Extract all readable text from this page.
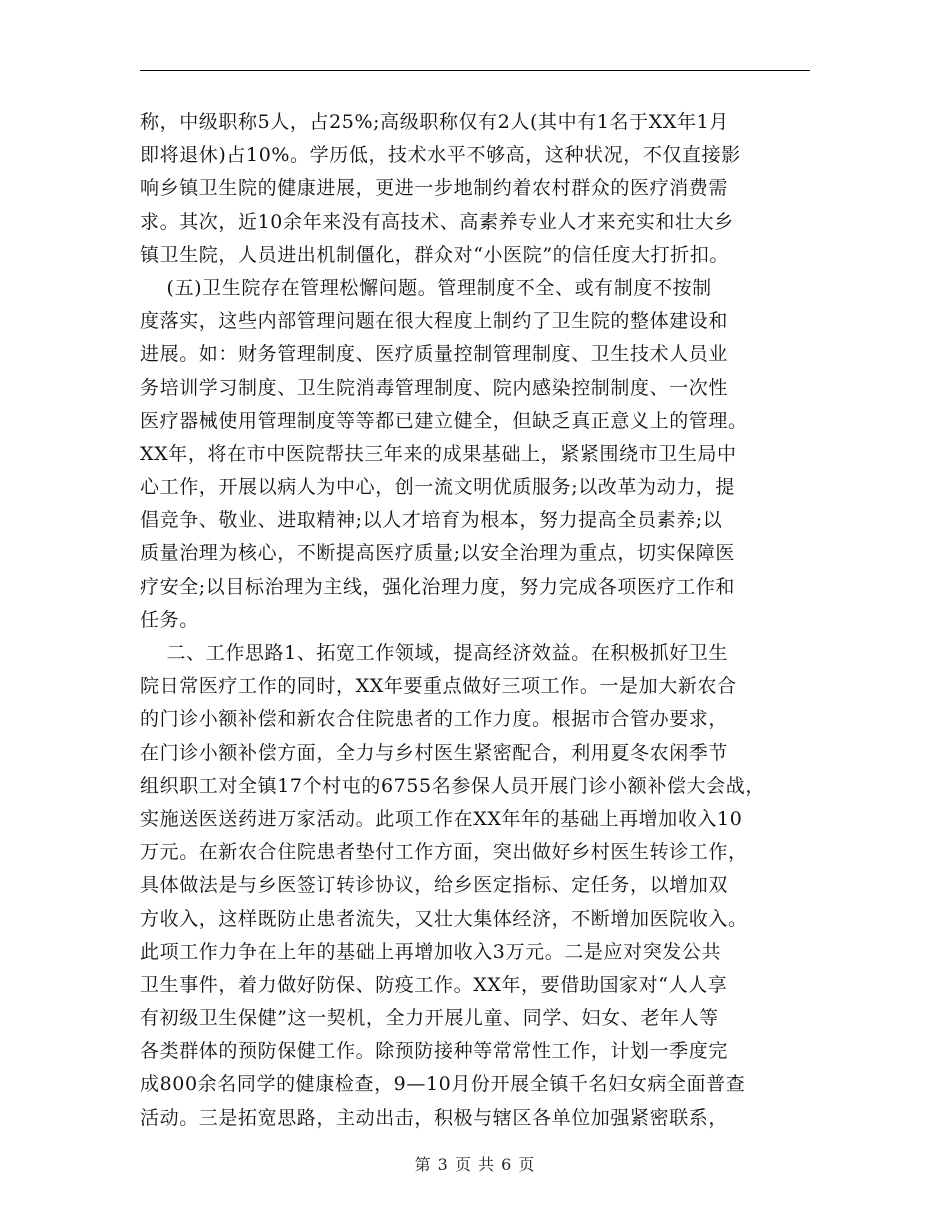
称，中级职称5人，占25%;高级职称仅有2人(其中有1名于XX年1月
即将退休)占10%。学历低，技术水平不够高，这种状况，不仅直接影
响乡镇卫生院的健康进展，更进一步地制约着农村群众的医疗消费需
求。其次，近10余年来没有高技术、高素养专业人才来充实和壮大乡
镇卫生院，人员进出机制僵化，群众对“小医院”的信任度大打折扣。
(五)卫生院存在管理松懈问题。管理制度不全、或有制度不按制
度落实，这些内部管理问题在很大程度上制约了卫生院的整体建设和
进展。如：财务管理制度、医疗质量控制管理制度、卫生技术人员业
务培训学习制度、卫生院消毒管理制度、院内感染控制制度、一次性
医疗器械使用管理制度等等都已建立健全，但缺乏真正意义上的管理。
XX年，将在市中医院帮扶三年来的成果基础上，紧紧围绕市卫生局中
心工作，开展以病人为中心，创一流文明优质服务;以改革为动力，提
倡竞争、敬业、进取精神;以人才培育为根本，努力提高全员素养;以
质量治理为核心，不断提高医疗质量;以安全治理为重点，切实保障医
疗安全;以目标治理为主线，强化治理力度，努力完成各项医疗工作和
任务。
二、工作思路1、拓宽工作领域，提高经济效益。在积极抓好卫生
院日常医疗工作的同时，XX年要重点做好三项工作。一是加大新农合
的门诊小额补偿和新农合住院患者的工作力度。根据市合管办要求，
在门诊小额补偿方面，全力与乡村医生紧密配合，利用夏冬农闲季节
组织职工对全镇17个村屯的6755名参保人员开展门诊小额补偿大会战，
实施送医送药进万家活动。此项工作在XX年年的基础上再增加收入10
万元。在新农合住院患者垫付工作方面，突出做好乡村医生转诊工作，
具体做法是与乡医签订转诊协议，给乡医定指标、定任务，以增加双
方收入，这样既防止患者流失，又壮大集体经济，不断增加医院收入。
此项工作力争在上年的基础上再增加收入3万元。二是应对突发公共
卫生事件，着力做好防保、防疫工作。XX年，要借助国家对“人人享
有初级卫生保健”这一契机，全力开展儿童、同学、妇女、老年人等
各类群体的预防保健工作。除预防接种等常常性工作，计划一季度完
成800余名同学的健康检查，9—10月份开展全镇千名妇女病全面普查
活动。三是拓宽思路，主动出击，积极与辖区各单位加强紧密联系，
第 3 页 共 6 页
